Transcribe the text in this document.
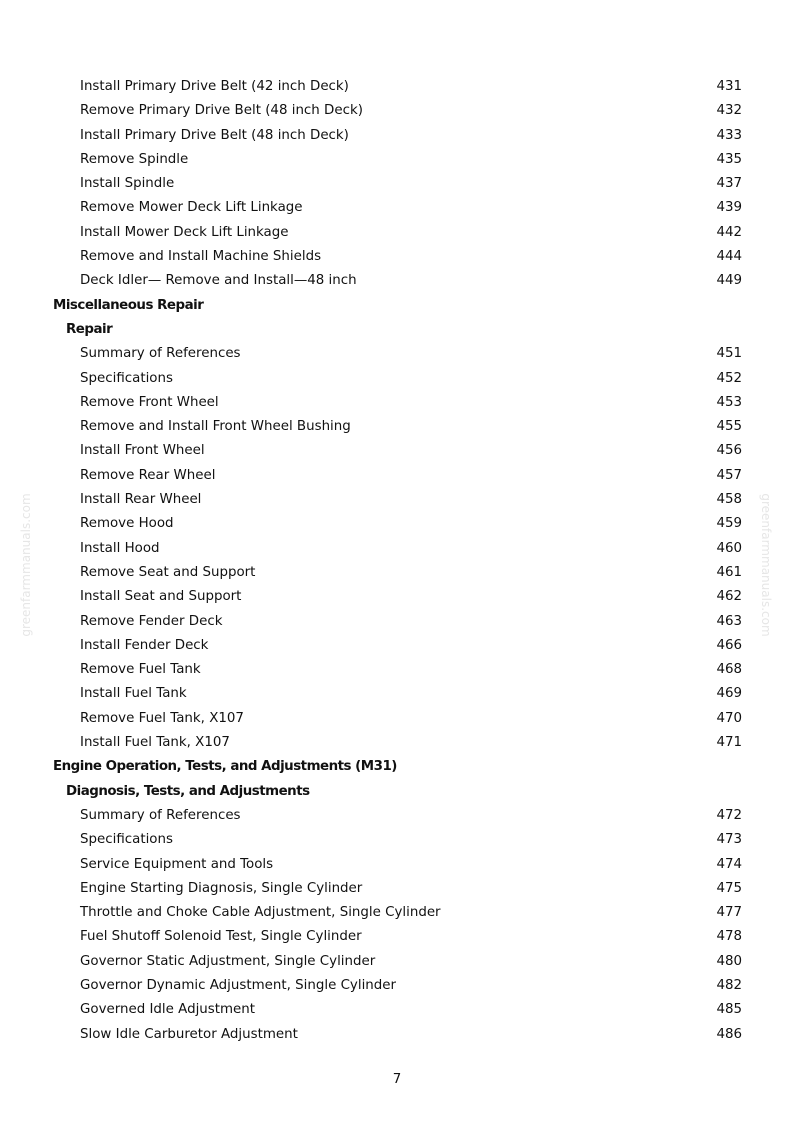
Install Primary Drive Belt (42 inch Deck)	431
Remove Primary Drive Belt (48 inch Deck)	432
Install Primary Drive Belt (48 inch Deck)	433
Remove Spindle	435
Install Spindle	437
Remove Mower Deck Lift Linkage	439
Install Mower Deck Lift Linkage	442
Remove and Install Machine Shields	444
Deck Idler— Remove and Install—48 inch	449
Miscellaneous Repair
Repair
Summary of References	451
Specifications	452
Remove Front Wheel	453
Remove and Install Front Wheel Bushing	455
Install Front Wheel	456
Remove Rear Wheel	457
Install Rear Wheel	458
Remove Hood	459
Install Hood	460
Remove Seat and Support	461
Install Seat and Support	462
Remove Fender Deck	463
Install Fender Deck	466
Remove Fuel Tank	468
Install Fuel Tank	469
Remove Fuel Tank, X107	470
Install Fuel Tank, X107	471
Engine Operation, Tests, and Adjustments (M31)
Diagnosis, Tests, and Adjustments
Summary of References	472
Specifications	473
Service Equipment and Tools	474
Engine Starting Diagnosis, Single Cylinder	475
Throttle and Choke Cable Adjustment, Single Cylinder	477
Fuel Shutoff Solenoid Test, Single Cylinder	478
Governor Static Adjustment, Single Cylinder	480
Governor Dynamic Adjustment, Single Cylinder	482
Governed Idle Adjustment	485
Slow Idle Carburetor Adjustment	486
greenfarmmanuals.com	greenfarmmanuals.com
7
